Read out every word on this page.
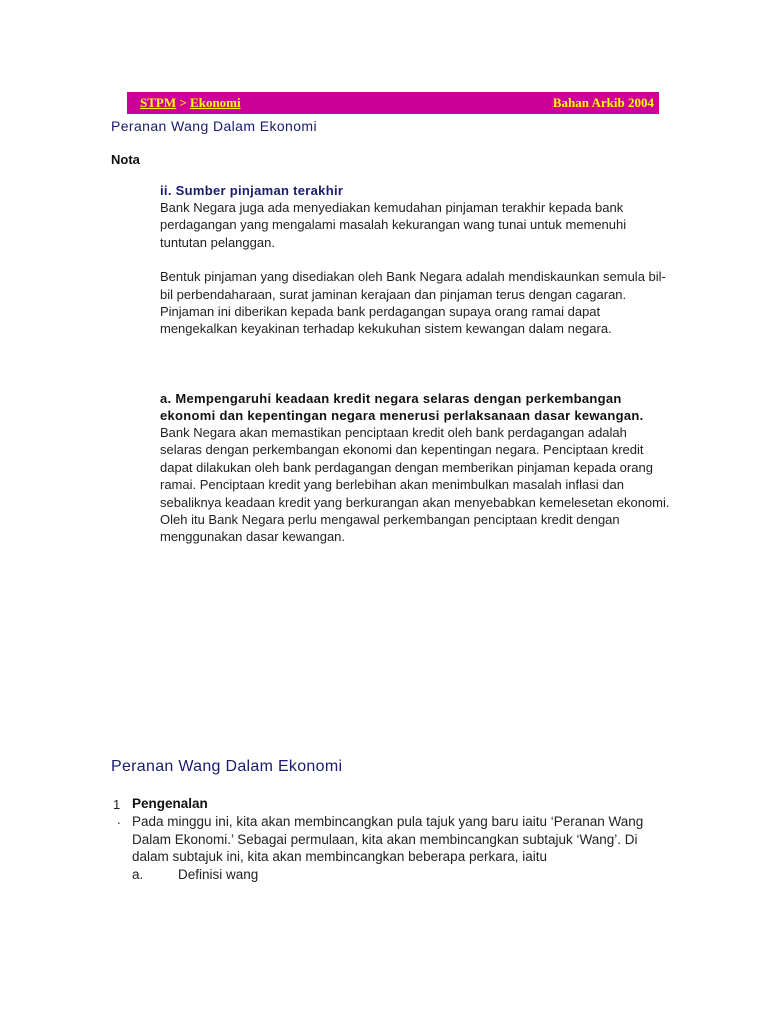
STPM > Ekonomi	Bahan Arkib 2004
Peranan Wang Dalam Ekonomi
Nota
ii. Sumber pinjaman terakhir

Bank Negara juga ada menyediakan kemudahan pinjaman terakhir kepada bank perdagangan yang mengalami masalah kekurangan wang tunai untuk memenuhi tuntutan pelanggan.

Bentuk pinjaman yang disediakan oleh Bank Negara adalah mendiskaunkan semula bil-bil perbendaharaan, surat jaminan kerajaan dan pinjaman terus dengan cagaran. Pinjaman ini diberikan kepada bank perdagangan supaya orang ramai dapat mengekalkan keyakinan terhadap kekukuhan sistem kewangan dalam negara.

a. Mempengaruhi keadaan kredit negara selaras dengan perkembangan ekonomi dan kepentingan negara menerusi perlaksanaan dasar kewangan.

Bank Negara akan memastikan penciptaan kredit oleh bank perdagangan adalah selaras dengan perkembangan ekonomi dan kepentingan negara. Penciptaan kredit dapat dilakukan oleh bank perdagangan dengan memberikan pinjaman kepada orang ramai. Penciptaan kredit yang berlebihan akan menimbulkan masalah inflasi dan sebaliknya keadaan kredit yang berkurangan akan menyebabkan kemelesetan ekonomi. Oleh itu Bank Negara perlu mengawal perkembangan penciptaan kredit dengan menggunakan dasar kewangan.

Peranan Wang Dalam Ekonomi
1
.
Pengenalan

Pada minggu ini, kita akan membincangkan pula tajuk yang baru iaitu ‘Peranan Wang Dalam Ekonomi.’ Sebagai permulaan, kita akan membincangkan subtajuk ‘Wang’. Di dalam subtajuk ini, kita akan membincangkan beberapa perkara, iaitu

a.	Definisi wang
